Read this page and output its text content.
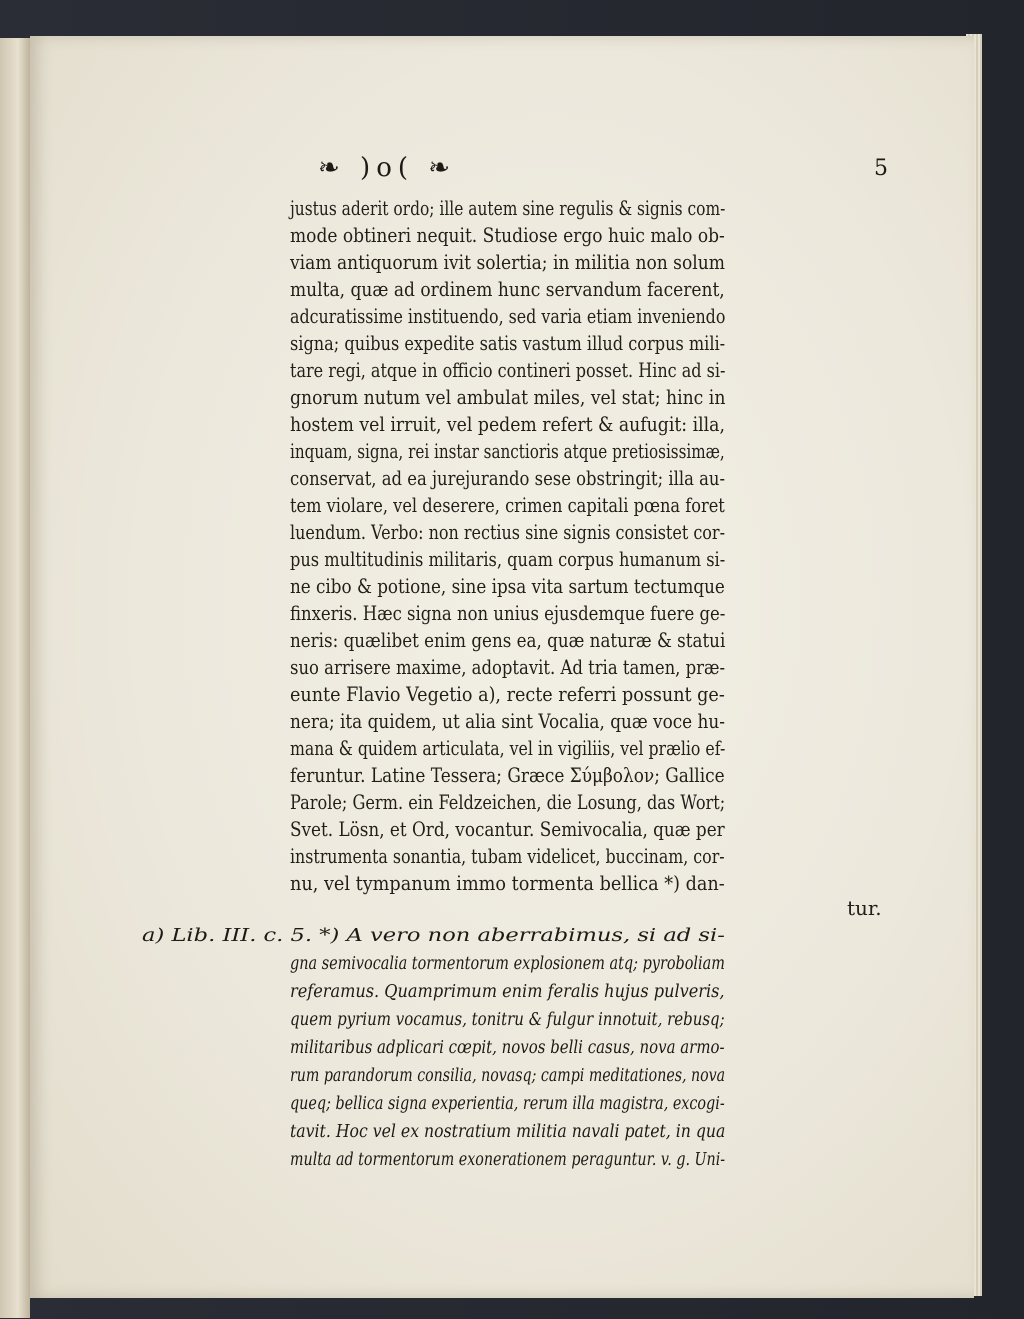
❧ )o( ❧	5
justus aderit ordo; ille autem sine regulis & signis com-
mode obtineri nequit. Studiose ergo huic malo ob-
viam antiquorum ivit solertia; in militia non solum
multa, quæ ad ordinem hunc servandum facerent,
adcuratissime instituendo, sed varia etiam inveniendo
signa; quibus expedite satis vastum illud corpus mili-
tare regi, atque in officio contineri posset. Hinc ad si-
gnorum nutum vel ambulat miles, vel stat; hinc in
hostem vel irruit, vel pedem refert & aufugit: illa,
inquam, signa, rei instar sanctioris atque pretiosissimæ,
conservat, ad ea jurejurando sese obstringit; illa au-
tem violare, vel deserere, crimen capitali pœna foret
luendum. Verbo: non rectius sine signis consistet cor-
pus multitudinis militaris, quam corpus humanum si-
ne cibo & potione, sine ipsa vita sartum tectumque
finxeris. Hæc signa non unius ejusdemque fuere ge-
neris: quælibet enim gens ea, quæ naturæ & statui
suo arrisere maxime, adoptavit. Ad tria tamen, præ-
eunte Flavio Vegetio a), recte referri possunt ge-
nera; ita quidem, ut alia sint Vocalia, quæ voce hu-
mana & quidem articulata, vel in vigiliis, vel prælio ef-
feruntur. Latine Tessera; Græce Σύμβολον; Gallice
Parole; Germ. ein Feldzeichen, die Losung, das Wort;
Svet. Lösn, et Ord, vocantur. Semivocalia, quæ per
instrumenta sonantia, tubam videlicet, buccinam, cor-
nu, vel tympanum immo tormenta bellica *) dan-
tur.
a) Lib. III. c. 5. *) A vero non aberrabimus, si ad si-
gna semivocalia tormentorum explosionem atq; pyroboliam
referamus. Quamprimum enim feralis hujus pulveris,
quem pyrium vocamus, tonitru & fulgur innotuit, rebusq;
militaribus adplicari cœpit, novos belli casus, nova armo-
rum parandorum consilia, novasq; campi meditationes, nova
queq; bellica signa experientia, rerum illa magistra, excogi-
tavit. Hoc vel ex nostratium militia navali patet, in qua
multa ad tormentorum exonerationem peraguntur. v. g. Uni-
